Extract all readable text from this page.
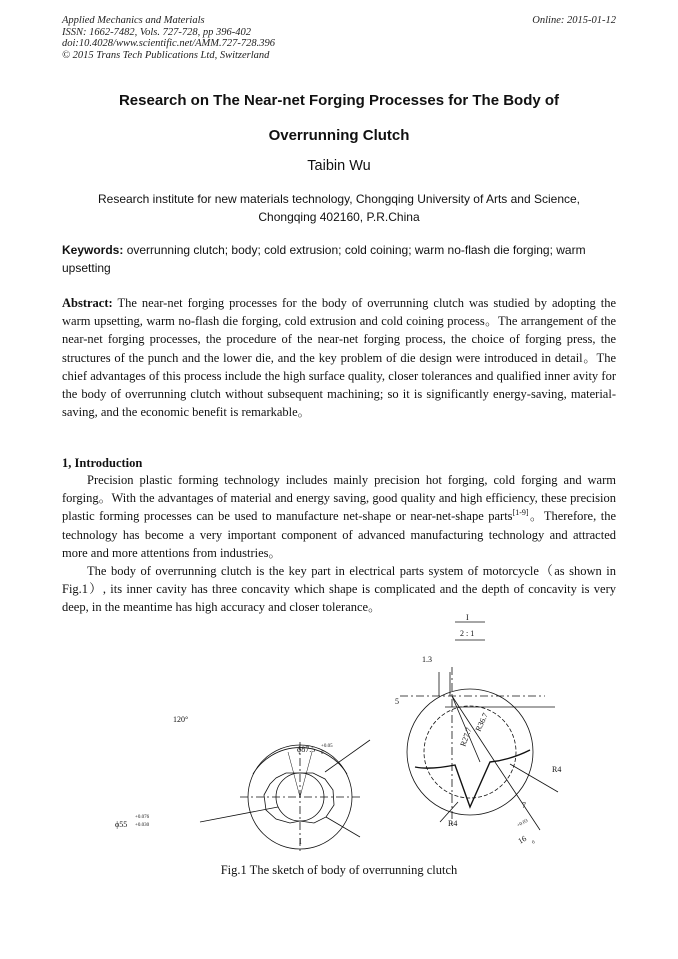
Applied Mechanics and Materials
ISSN: 1662-7482, Vols. 727-728, pp 396-402
doi:10.4028/www.scientific.net/AMM.727-728.396
© 2015 Trans Tech Publications Ltd, Switzerland
Online: 2015-01-12
Research on The Near-net Forging Processes for The Body of
Overrunning Clutch
Taibin Wu
Research institute for new materials technology, Chongqing University of Arts and Science,
Chongqing 402160, P.R.China
Keywords: overrunning clutch; body; cold extrusion; cold coining; warm no-flash die forging; warm upsetting

Abstract: The near-net forging processes for the body of overrunning clutch was studied by adopting the warm upsetting, warm no-flash die forging, cold extrusion and cold coining process。The arrangement of the near-net forging processes, the procedure of the near-net forging process, the choice of forging press, the structures of the punch and the lower die, and the key problem of die design were introduced in detail。The chief advantages of this process include the high surface quality, closer tolerances and qualified inner avity for the body of overrunning clutch without subsequent machining; so it is significantly energy-saving, material-saving, and the economic benefit is remarkable。

1, Introduction

Precision plastic forming technology includes mainly precision hot forging, cold forging and warm forging。With the advantages of material and energy saving, good quality and high efficiency, these precision plastic forming processes can be used to manufacture net-shape or near-net-shape parts[1-9]。Therefore, the technology has become a very important component of advanced manufacturing technology and attracted more and more attentions from industries。

The body of overrunning clutch is the key part in electrical parts system of motorcycle（as shown in Fig.1）, its inner cavity has three concavity which shape is complicated and the depth of concavity is very deep, in the meantime has high accuracy and closer tolerance。

120°
ϕ87.5 +0.05
0
ϕ55
+0.076
+0.030
I
I
2 : 1
1.3
5
R36.7
R27.7
R4
R4
7
16
+0.03
0
Fig.1 The sketch of body of overrunning clutch
